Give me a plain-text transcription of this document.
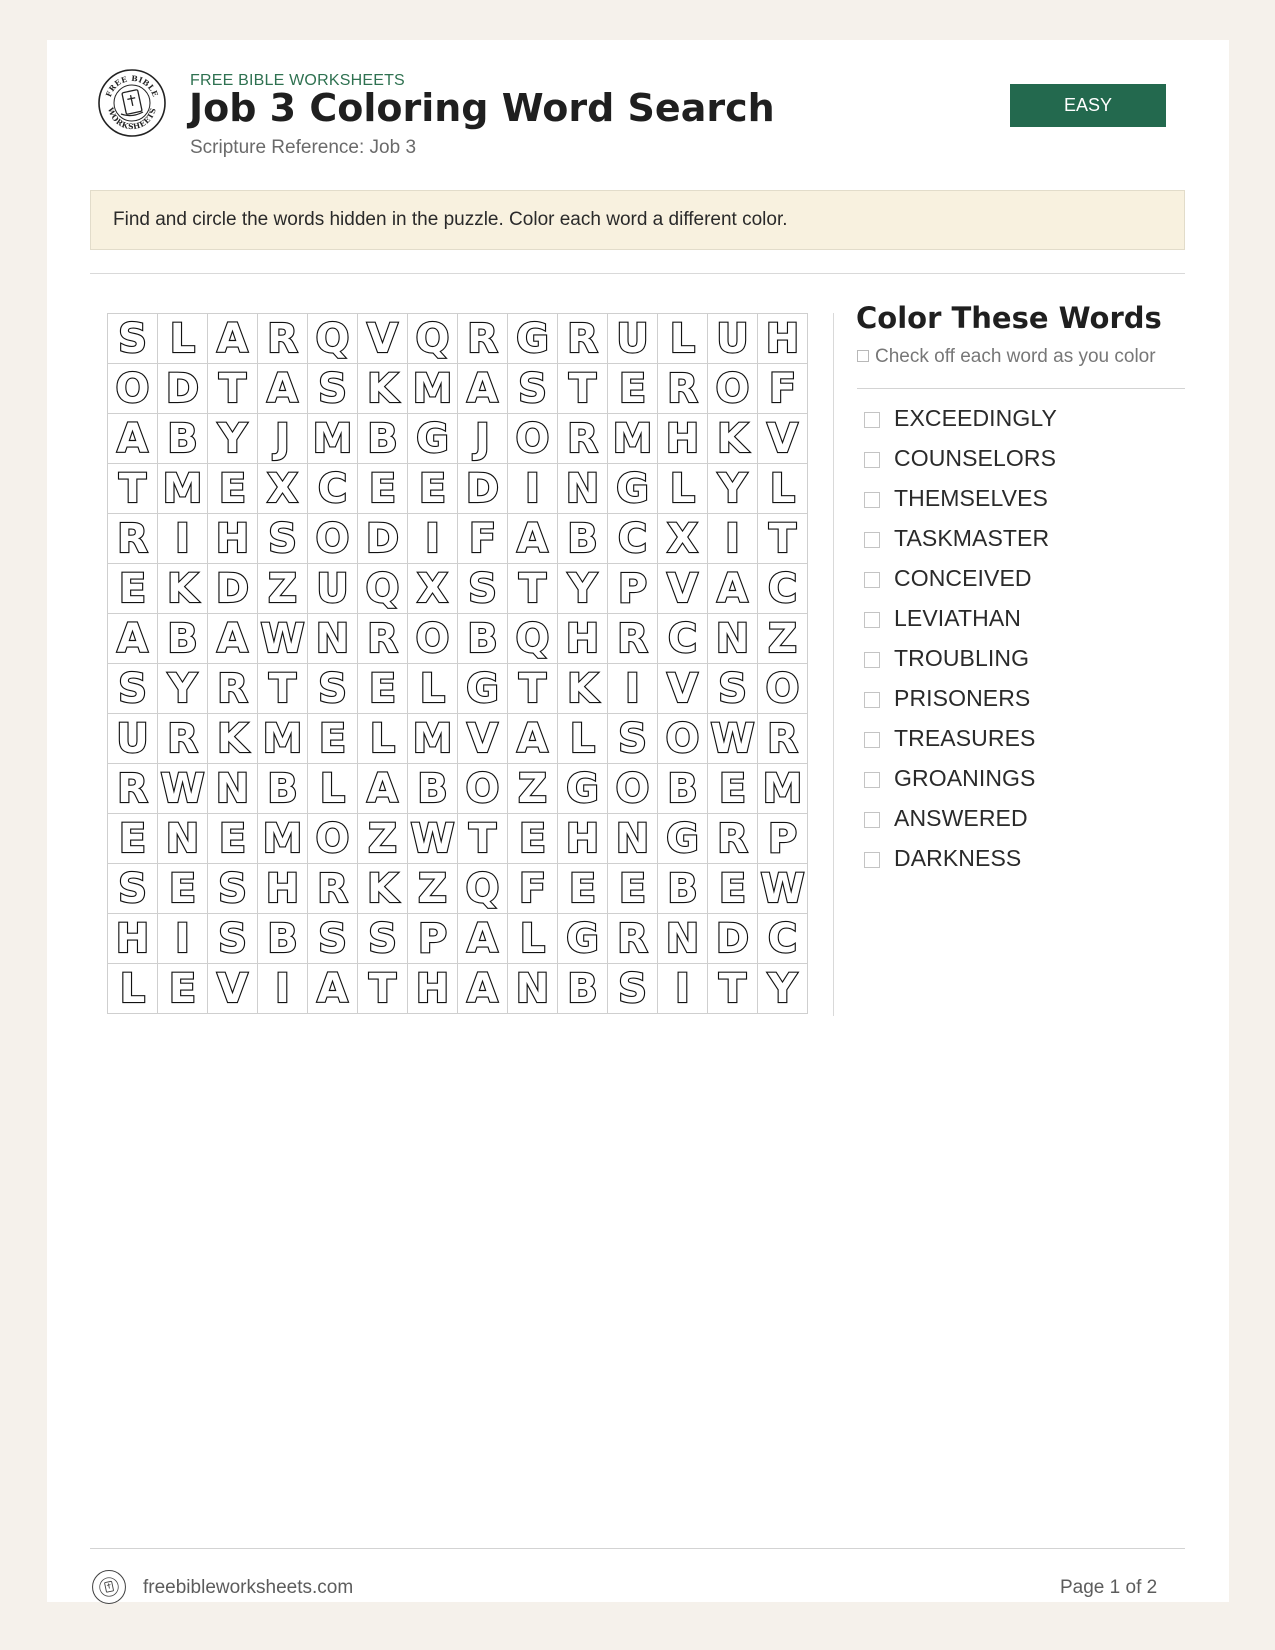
FREE BIBLE
WORKSHEETS
FREE BIBLE WORKSHEETS
Job 3 Coloring Word Search
Scripture Reference: Job 3
EASY
Find and circle the words hidden in the puzzle. Color each word a different color.
S	L	A	R	Q	V	Q	R	G	R	U	L	U	H
O	D	T	A	S	K	M	A	S	T	E	R	O	F
A	B	Y	J	M	B	G	J	O	R	M	H	K	V
T	M	E	X	C	E	E	D	I	N	G	L	Y	L
R	I	H	S	O	D	I	F	A	B	C	X	I	T
E	K	D	Z	U	Q	X	S	T	Y	P	V	A	C
A	B	A	W	N	R	O	B	Q	H	R	C	N	Z
S	Y	R	T	S	E	L	G	T	K	I	V	S	O
U	R	K	M	E	L	M	V	A	L	S	O	W	R
R	W	N	B	L	A	B	O	Z	G	O	B	E	M
E	N	E	M	O	Z	W	T	E	H	N	G	R	P
S	E	S	H	R	K	Z	Q	F	E	E	B	E	W
H	I	S	B	S	S	P	A	L	G	R	N	D	C
L	E	V	I	A	T	H	A	N	B	S	I	T	Y
Color These Words
Check off each word as you color
EXCEEDINGLY
COUNSELORS
THEMSELVES
TASKMASTER
CONCEIVED
LEVIATHAN
TROUBLING
PRISONERS
TREASURES
GROANINGS
ANSWERED
DARKNESS
freebibleworksheets.com	Page 1 of 2
